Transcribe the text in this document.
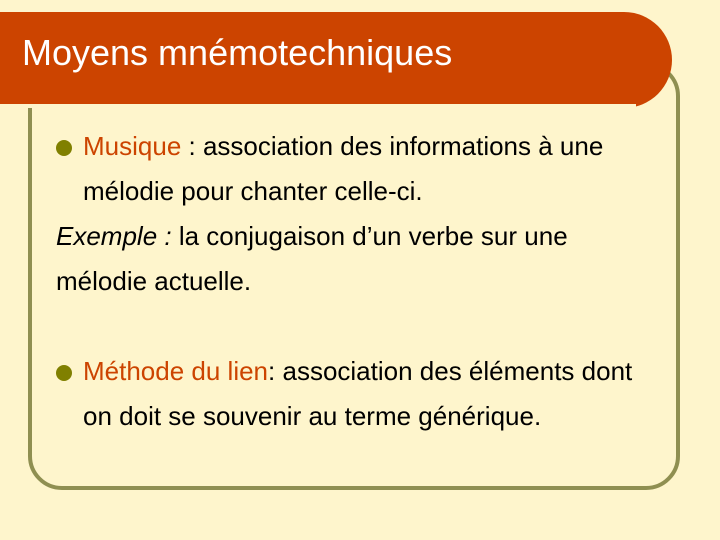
Moyens mnémotechniques
Musique : association des informations à une mélodie pour chanter celle-ci.

Exemple : la conjugaison d’un verbe sur une mélodie actuelle.

Méthode du lien: association des éléments dont on doit se souvenir au terme générique.
